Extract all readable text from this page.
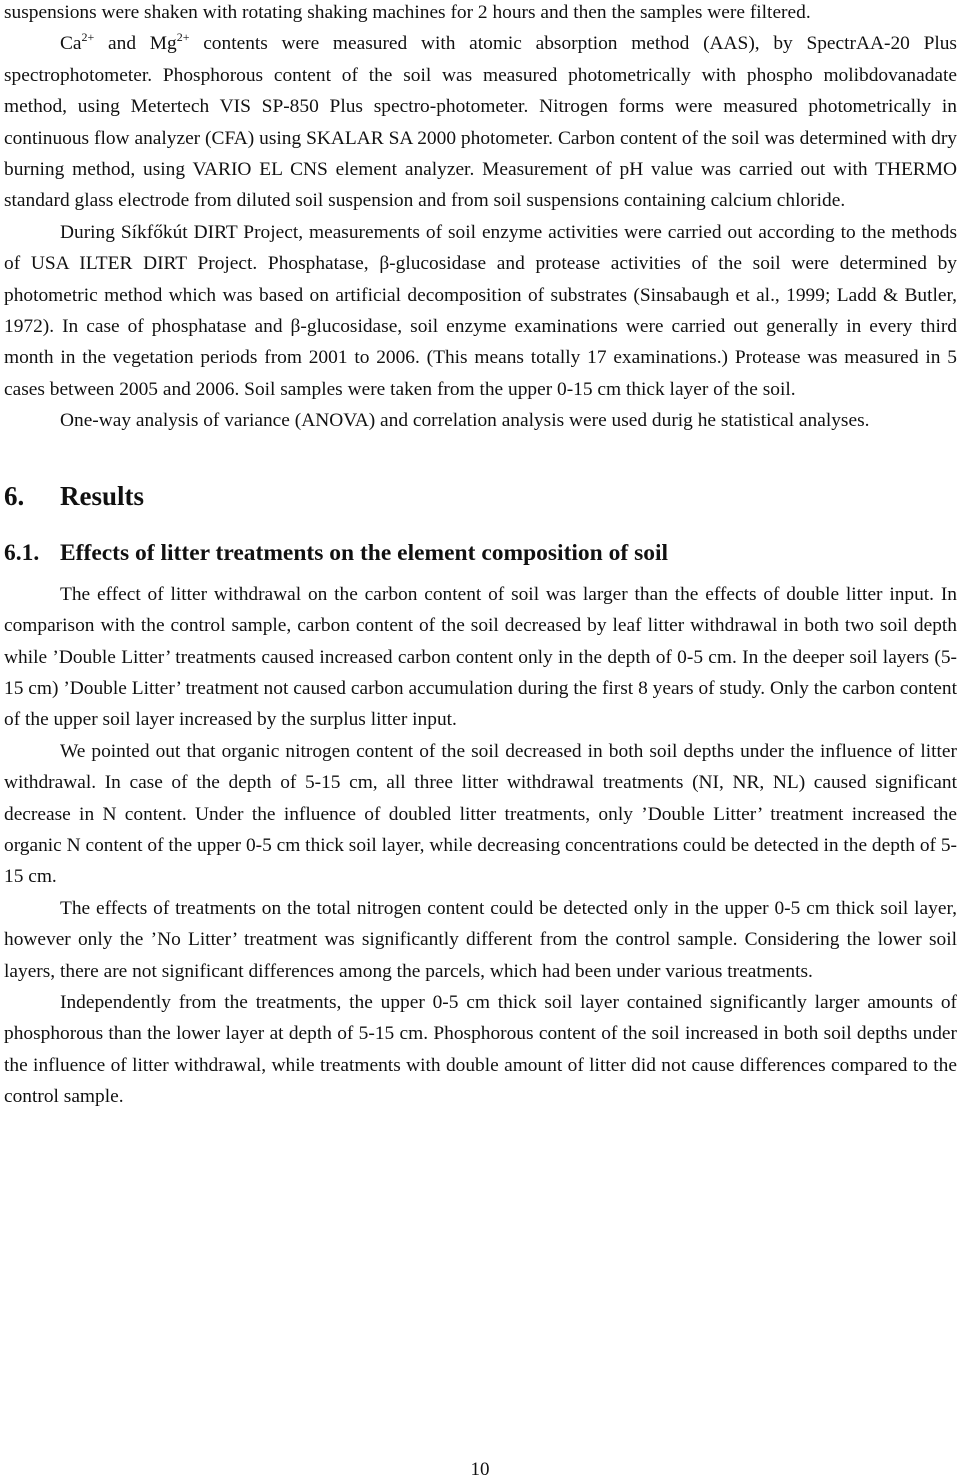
suspensions were shaken with rotating shaking machines for 2 hours and then the samples were filtered.

$Ca^{2+}$ and $Mg^{2+}$ contents were measured with atomic absorption method (AAS), by SpectrAA-20 Plus spectrophotometer. Phosphorous content of the soil was measured photometrically with phospho molibdovanadate method, using Metertech VIS SP-850 Plus spectro-photometer. Nitrogen forms were measured photometrically in continuous flow analyzer (CFA) using SKALAR SA 2000 photometer. Carbon content of the soil was determined with dry burning method, using VARIO EL CNS element analyzer. Measurement of pH value was carried out with THERMO standard glass electrode from diluted soil suspension and from soil suspensions containing calcium chloride.

During Síkfőkút DIRT Project, measurements of soil enzyme activities were carried out according to the methods of USA ILTER DIRT Project. Phosphatase, β-glucosidase and protease activities of the soil were determined by photometric method which was based on artificial decomposition of substrates (Sinsabaugh et al., 1999; Ladd & Butler, 1972). In case of phosphatase and β-glucosidase, soil enzyme examinations were carried out generally in every third month in the vegetation periods from 2001 to 2006. (This means totally 17 examinations.) Protease was measured in 5 cases between 2005 and 2006. Soil samples were taken from the upper 0-15 cm thick layer of the soil.

One-way analysis of variance (ANOVA) and correlation analysis were used durig he statistical analyses.

6. Results
6.1. Effects of litter treatments on the element composition of soil

The effect of litter withdrawal on the carbon content of soil was larger than the effects of double litter input. In comparison with the control sample, carbon content of the soil decreased by leaf litter withdrawal in both two soil depth while ’Double Litter’ treatments caused increased carbon content only in the depth of 0-5 cm. In the deeper soil layers (5-15 cm) ’Double Litter’ treatment not caused carbon accumulation during the first 8 years of study. Only the carbon content of the upper soil layer increased by the surplus litter input.

We pointed out that organic nitrogen content of the soil decreased in both soil depths under the influence of litter withdrawal. In case of the depth of 5-15 cm, all three litter withdrawal treatments (NI, NR, NL) caused significant decrease in N content. Under the influence of doubled litter treatments, only ’Double Litter’ treatment increased the organic N content of the upper 0-5 cm thick soil layer, while decreasing concentrations could be detected in the depth of 5-15 cm.

The effects of treatments on the total nitrogen content could be detected only in the upper 0-5 cm thick soil layer, however only the ’No Litter’ treatment was significantly different from the control sample. Considering the lower soil layers, there are not significant differences among the parcels, which had been under various treatments.

Independently from the treatments, the upper 0-5 cm thick soil layer contained significantly larger amounts of phosphorous than the lower layer at depth of 5-15 cm. Phosphorous content of the soil increased in both soil depths under the influence of litter withdrawal, while treatments with double amount of litter did not cause differences compared to the control sample.

10
